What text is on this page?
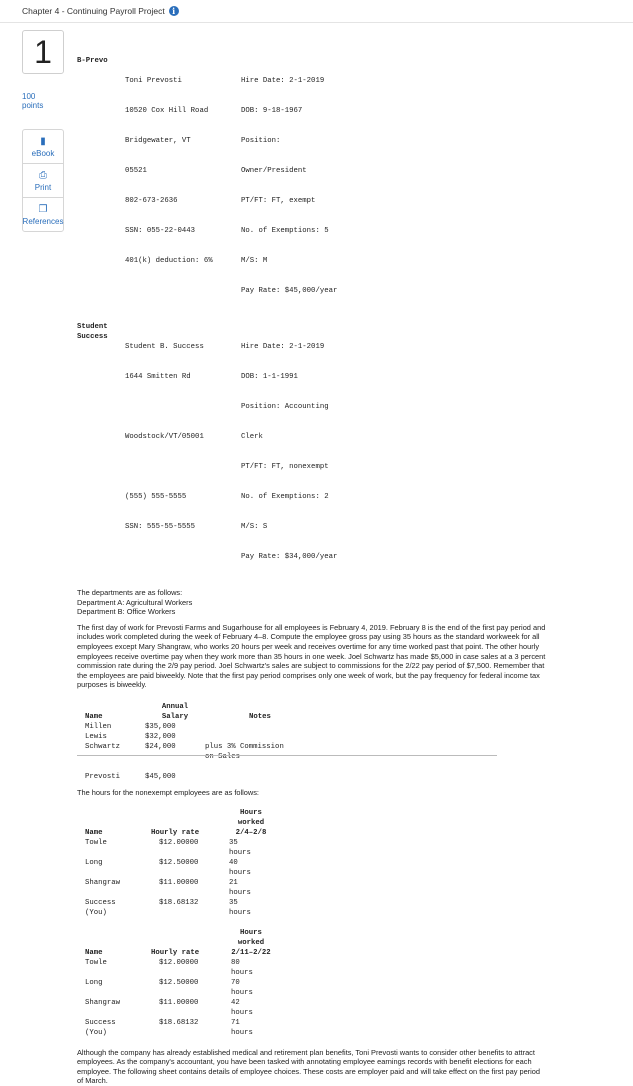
Chapter 4 - Continuing Payroll Project i
1
100
points
▮
eBook
⎙
Print
❐
References
B-Prevo

Toni Prevosti

10520 Cox Hill Road

Bridgewater, VT

05521

802-673-2636

SSN: 055-22-0443

401(k) deduction: 6%

Hire Date: 2-1-2019

DOB: 9-18-1967

Position:

Owner/President

PT/FT: FT, exempt

No. of Exemptions: 5

M/S: M

Pay Rate: $45,000/year

Student
Success

Student B. Success

1644 Smitten Rd

Woodstock/VT/05001

(555) 555-5555

SSN: 555-55-5555

Hire Date: 2-1-2019

DOB: 1-1-1991

Position: Accounting

Clerk

PT/FT: FT, nonexempt

No. of Exemptions: 2

M/S: S

Pay Rate: $34,000/year

The departments are as follows:
Department A: Agricultural Workers
Department B: Office Workers
The first day of work for Prevosti Farms and Sugarhouse for all employees is February 4, 2019. February 8 is the end of the first pay period and includes work completed during the week of February 4–8. Compute the employee gross pay using 35 hours as the standard workweek for all employees except Mary Shangraw, who works 20 hours per week and receives overtime for any time worked past that point. The other hourly employees receive overtime pay when they work more than 35 hours in one week. Joel Schwartz has made $5,000 in case sales at a 3 percent commission rate during the 2/9 pay period. Joel Schwartz's sales are subject to commissions for the 2/22 pay period of $7,500. Remember that the employees are paid biweekly. Note that the first pay period comprises only one week of work, but the pay frequency for federal income tax purposes is biweekly.
Name	Annual
Salary	Notes
Millen	$35,000	
Lewis	$32,000	
Schwartz	$24,000	plus 3% Commission
on Sales

Prevosti	$45,000	
The hours for the nonexempt employees are as follows:
Name	Hourly rate	Hours
worked
2/4–2/8
Towle	$12.00000	35
hours
Long	$12.50000	40
hours
Shangraw	$11.00000	21
hours
Success
(You)	$18.68132	35
hours
Name	Hourly rate	Hours
worked
2/11–2/22
Towle	$12.00000	80
hours
Long	$12.50000	70
hours
Shangraw	$11.00000	42
hours
Success
(You)	$18.68132	71
hours
Although the company has already established medical and retirement plan benefits, Toni Prevosti wants to consider other benefits to attract employees. As the company's accountant, you have been tasked with annotating employee earnings records with benefit elections for each employee. The following sheet contains details of employee choices. These costs are employer paid and will take effect on the first pay period of March.
